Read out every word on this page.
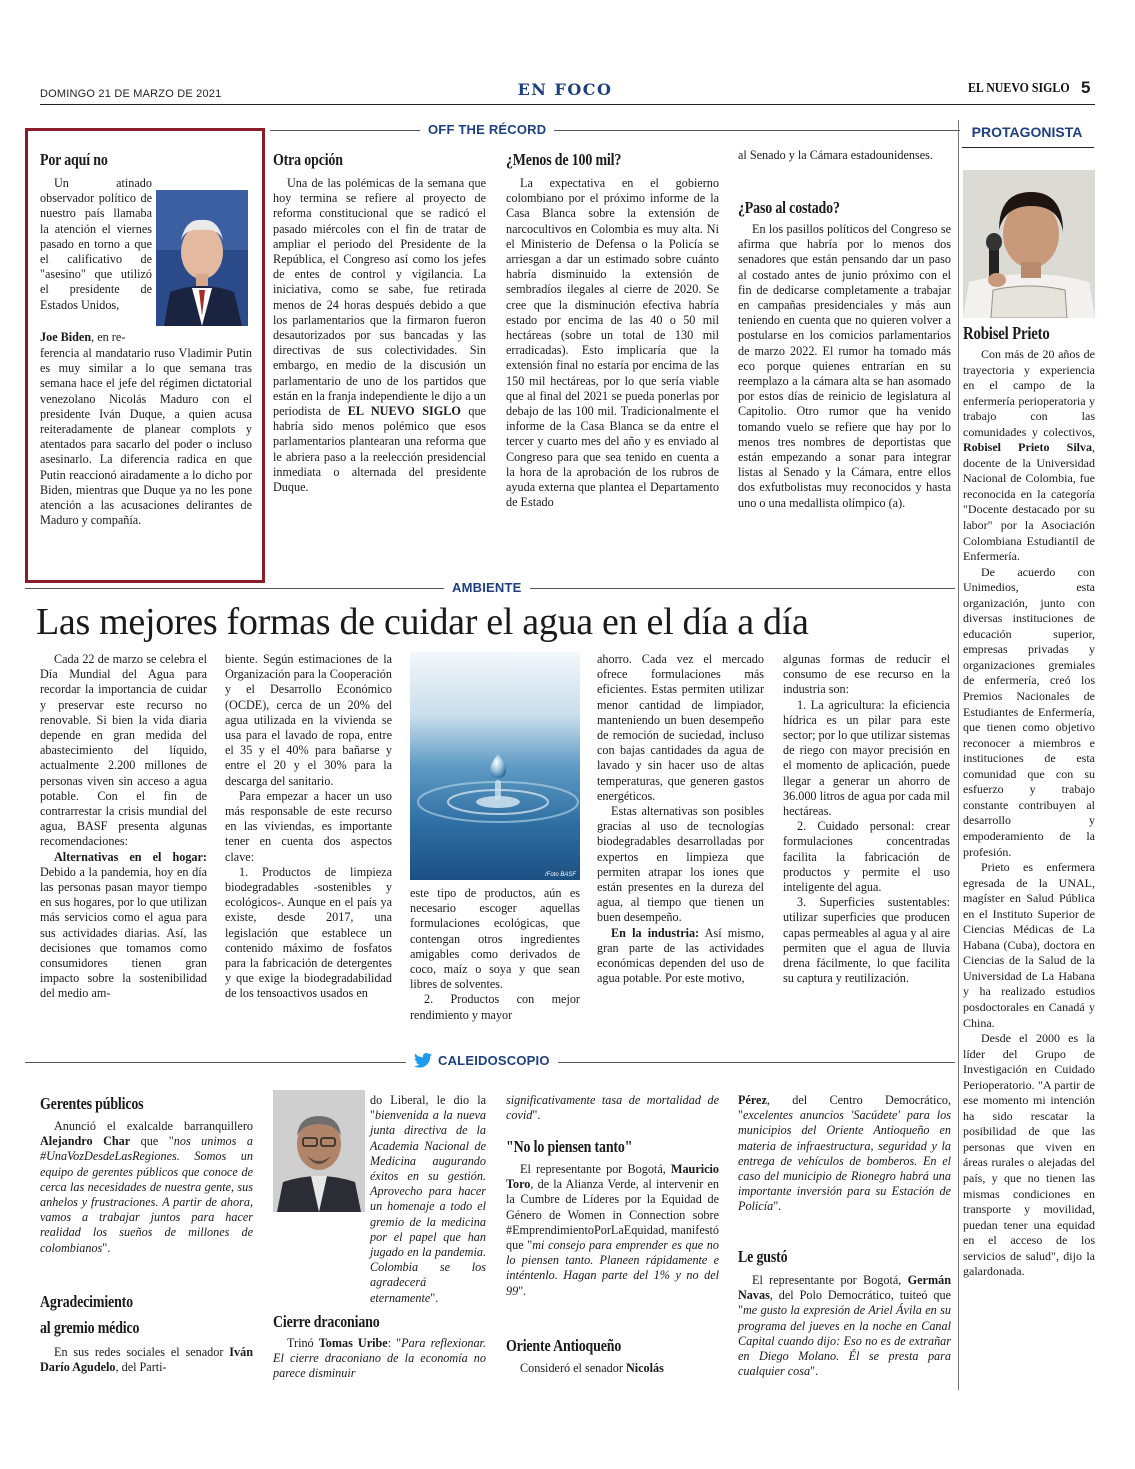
DOMINGO 21 DE MARZO DE 2021	EN FOCO	EL NUEVO SIGLO 5
OFF THE RÉCORD	PROTAGONISTA
Por aquí no

Un atinado observador político de nuestro país llamaba la atención el viernes pasado en torno a que el calificativo de "asesino" que utilizó el presidente de Estados Unidos,

Joe Biden, en re-

ferencia al mandatario ruso Vladimir Putin es muy similar a lo que semana tras semana hace el jefe del régimen dictatorial venezolano Nicolás Maduro con el presidente Iván Duque, a quien acusa reiteradamente de planear complots y atentados para sacarlo del poder o incluso asesinarlo. La diferencia radica en que Putin reaccionó airadamente a lo dicho por Biden, mientras que Duque ya no les pone atención a las acusaciones delirantes de Maduro y compañía.

Otra opción

Una de las polémicas de la semana que hoy termina se refiere al proyecto de reforma constitucional que se radicó el pasado miércoles con el fin de tratar de ampliar el periodo del Presidente de la República, el Congreso así como los jefes de entes de control y vigilancia. La iniciativa, como se sabe, fue retirada menos de 24 horas después debido a que los parlamentarios que la firmaron fueron desautorizados por sus bancadas y las directivas de sus colectividades. Sin embargo, en medio de la discusión un parlamentario de uno de los partidos que están en la franja independiente le dijo a un periodista de EL NUEVO SIGLO que habría sido menos polémico que esos parlamentarios plantearan una reforma que le abriera paso a la reelección presidencial inmediata o alternada del presidente Duque.

¿Menos de 100 mil?

La expectativa en el gobierno colombiano por el próximo informe de la Casa Blanca sobre la extensión de narcocultivos en Colombia es muy alta. Ni el Ministerio de Defensa o la Policía se arriesgan a dar un estimado sobre cuánto habría disminuido la extensión de sembradíos ilegales al cierre de 2020. Se cree que la disminución efectiva habría estado por encima de las 40 o 50 mil hectáreas (sobre un total de 130 mil erradicadas). Esto implicaría que la extensión final no estaría por encima de las 150 mil hectáreas, por lo que sería viable que al final del 2021 se pueda ponerlas por debajo de las 100 mil. Tradicionalmente el informe de la Casa Blanca se da entre el tercer y cuarto mes del año y es enviado al Congreso para que sea tenido en cuenta a la hora de la aprobación de los rubros de ayuda externa que plantea el Departamento de Estado

al Senado y la Cámara estadounidenses.

¿Paso al costado?

En los pasillos políticos del Congreso se afirma que habría por lo menos dos senadores que están pensando dar un paso al costado antes de junio próximo con el fin de dedicarse completamente a trabajar en campañas presidenciales y más aun teniendo en cuenta que no quieren volver a postularse en los comicios parlamentarios de marzo 2022. El rumor ha tomado más eco porque quienes entrarían en su reemplazo a la cámara alta se han asomado por estos días de reinicio de legislatura al Capitolio. Otro rumor que ha venido tomando vuelo se refiere que hay por lo menos tres nombres de deportistas que están empezando a sonar para integrar listas al Senado y la Cámara, entre ellos dos exfutbolistas muy reconocidos y hasta uno o una medallista olímpico (a).

Robisel Prieto

Con más de 20 años de trayectoria y experiencia en el campo de la enfermería perioperatoria y trabajo con las comunidades y colectivos, Robisel Prieto Silva, docente de la Universidad Nacional de Colombia, fue reconocida en la categoría "Docente destacado por su labor" por la Asociación Colombiana Estudiantil de Enfermería.

De acuerdo con Unimedios, esta organización, junto con diversas instituciones de educación superior, empresas privadas y organizaciones gremiales de enfermería, creó los Premios Nacionales de Estudiantes de Enfermería, que tienen como objetivo reconocer a miembros e instituciones de esta comunidad que con su esfuerzo y trabajo constante contribuyen al desarrollo y empoderamiento de la profesión.

Prieto es enfermera egresada de la UNAL, magíster en Salud Pública en el Instituto Superior de Ciencias Médicas de La Habana (Cuba), doctora en Ciencias de la Salud de la Universidad de La Habana y ha realizado estudios posdoctorales en Canadá y China.

Desde el 2000 es la líder del Grupo de Investigación en Cuidado Perioperatorio. "A partir de ese momento mi intención ha sido rescatar la posibilidad de que las personas que viven en áreas rurales o alejadas del país, y que no tienen las mismas condiciones en transporte y movilidad, puedan tener una equidad en el acceso de los servicios de salud", dijo la galardonada.

AMBIENTE
Las mejores formas de cuidar el agua en el día a día

Cada 22 de marzo se celebra el Día Mundial del Agua para recordar la importancia de cuidar y preservar este recurso no renovable. Si bien la vida diaria depende en gran medida del abastecimiento del líquido, actualmente 2.200 millones de personas viven sin acceso a agua potable. Con el fin de contrarrestar la crisis mundial del agua, BASF presenta algunas recomendaciones:

Alternativas en el hogar: Debido a la pandemia, hoy en día las personas pasan mayor tiempo en sus hogares, por lo que utilizan más servicios como el agua para sus actividades diarias. Así, las decisiones que tomamos como consumidores tienen gran impacto sobre la sostenibilidad del medio am-

biente. Según estimaciones de la Organización para la Cooperación y el Desarrollo Económico (OCDE), cerca de un 20% del agua utilizada en la vivienda se usa para el lavado de ropa, entre el 35 y el 40% para bañarse y entre el 20 y el 30% para la descarga del sanitario.

Para empezar a hacer un uso más responsable de este recurso en las viviendas, es importante tener en cuenta dos aspectos clave:

1. Productos de limpieza biodegradables -sostenibles y ecológicos-. Aunque en el país ya existe, desde 2017, una legislación que establece un contenido máximo de fosfatos para la fabricación de detergentes y que exige la biodegradabilidad de los tensoactivos usados en

/Foto BASF

este tipo de productos, aún es necesario escoger aquellas formulaciones ecológicas, que contengan otros ingredientes amigables como derivados de coco, maíz o soya y que sean libres de solventes.

2. Productos con mejor rendimiento y mayor

ahorro. Cada vez el mercado ofrece formulaciones más eficientes. Estas permiten utilizar menor cantidad de limpiador, manteniendo un buen desempeño de remoción de suciedad, incluso con bajas cantidades da agua de lavado y sin hacer uso de altas temperaturas, que generen gastos energéticos.

Estas alternativas son posibles gracias al uso de tecnologías biodegradables desarrolladas por expertos en limpieza que permiten atrapar los iones que están presentes en la dureza del agua, al tiempo que tienen un buen desempeño.

En la industria: Así mismo, gran parte de las actividades económicas dependen del uso de agua potable. Por este motivo,

algunas formas de reducir el consumo de ese recurso en la industria son:

1. La agricultura: la eficiencia hídrica es un pilar para este sector; por lo que utilizar sistemas de riego con mayor precisión en el momento de aplicación, puede llegar a generar un ahorro de 36.000 litros de agua por cada mil hectáreas.

2. Cuidado personal: crear formulaciones concentradas facilita la fabricación de productos y permite el uso inteligente del agua.

3. Superficies sustentables: utilizar superficies que producen capas permeables al agua y al aire permiten que el agua de lluvia drena fácilmente, lo que facilita su captura y reutilización.

CALEIDOSCOPIO
Gerentes públicos

Anunció el exalcalde barranquillero Alejandro Char que "nos unimos a #UnaVozDesdeLasRegiones. Somos un equipo de gerentes públicos que conoce de cerca las necesidades de nuestra gente, sus anhelos y frustraciones. A partir de ahora, vamos a trabajar juntos para hacer realidad los sueños de millones de colombianos".

Agradecimiento
al gremio médico

En sus redes sociales el senador Iván Darío Agudelo, del Parti-

do Liberal, le dio la "bienvenida a la nueva junta directiva de la Academia Nacional de Medicina augurando éxitos en su gestión. Aprovecho para hacer un homenaje a todo el gremio de la medicina por el papel que han jugado en la pandemia. Colombia se los agradecerá eternamente".

Cierre draconiano

Trinó Tomas Uribe: "Para reflexionar. El cierre draconiano de la economía no parece disminuir

significativamente tasa de mortalidad de covid".

"No lo piensen tanto"

El representante por Bogotá, Mauricio Toro, de la Alianza Verde, al intervenir en la Cumbre de Líderes por la Equidad de Género de Women in Connection sobre #EmprendimientoPorLaEquidad, manifestó que "mi consejo para emprender es que no lo piensen tanto. Planeen rápidamente e inténtenlo. Hagan parte del 1% y no del 99".

Oriente Antioqueño

Consideró el senador Nicolás

Pérez, del Centro Democrático, "excelentes anuncios 'Sacúdete' para los municipios del Oriente Antioqueño en materia de infraestructura, seguridad y la entrega de vehículos de bomberos. En el caso del municipio de Rionegro habrá una importante inversión para su Estación de Policía".

Le gustó

El representante por Bogotá, Germán Navas, del Polo Democrático, tuiteó que "me gusto la expresión de Ariel Ávila en su programa del jueves en la noche en Canal Capital cuando dijo: Eso no es de extrañar en Diego Molano. Él se presta para cualquier cosa".
